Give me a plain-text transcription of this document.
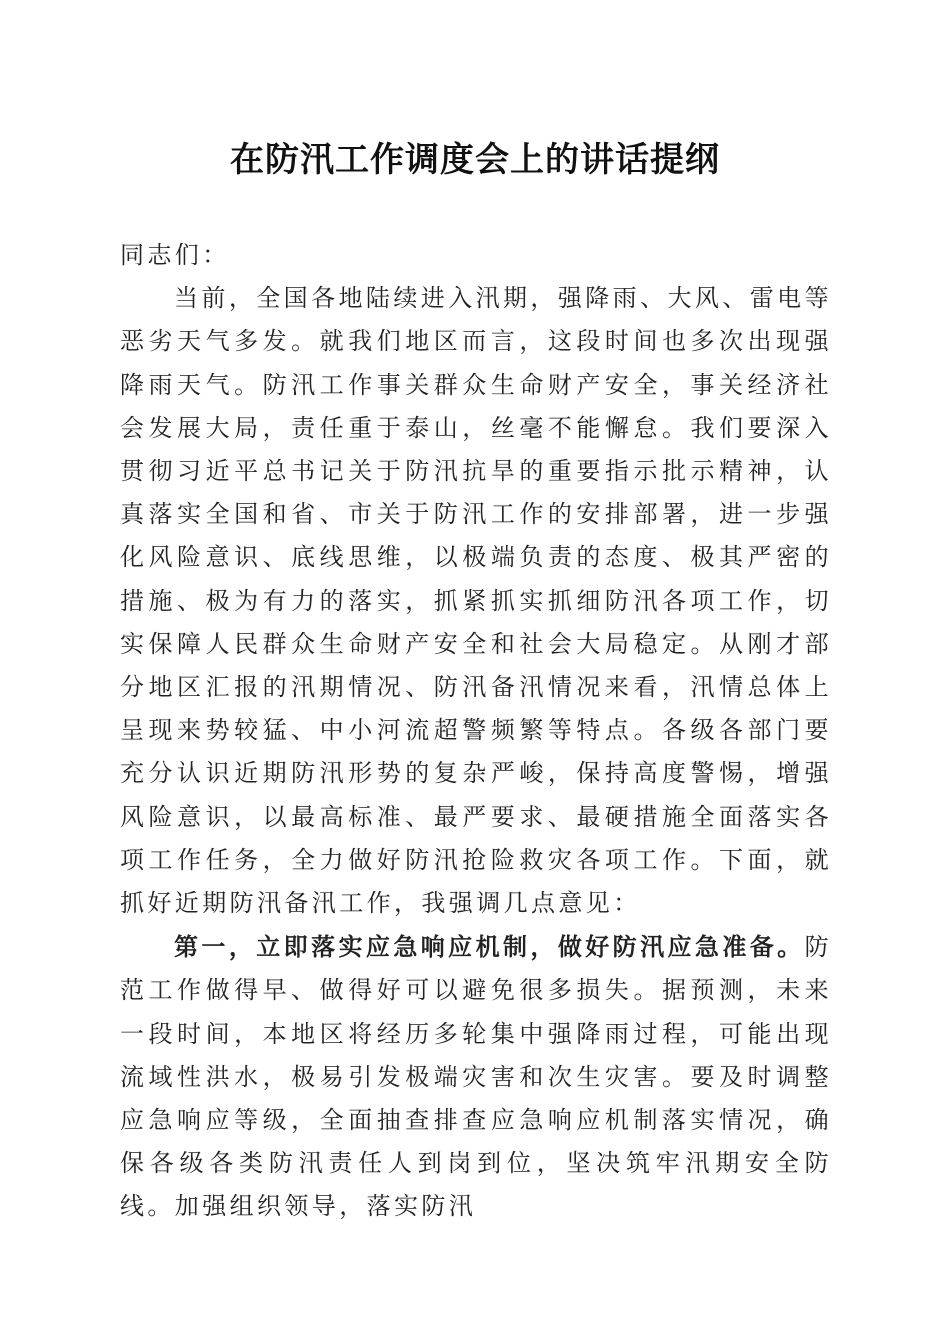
在防汛工作调度会上的讲话提纲

同志们：

当前，全国各地陆续进入汛期，强降雨、大风、雷电等恶劣天气多发。就我们地区而言，这段时间也多次出现强降雨天气。防汛工作事关群众生命财产安全，事关经济社会发展大局，责任重于泰山，丝毫不能懈怠。我们要深入贯彻习近平总书记关于防汛抗旱的重要指示批示精神，认真落实全国和省、市关于防汛工作的安排部署，进一步强化风险意识、底线思维，以极端负责的态度、极其严密的措施、极为有力的落实，抓紧抓实抓细防汛各项工作，切实保障人民群众生命财产安全和社会大局稳定。从刚才部分地区汇报的汛期情况、防汛备汛情况来看，汛情总体上呈现来势较猛、中小河流超警频繁等特点。各级各部门要充分认识近期防汛形势的复杂严峻，保持高度警惕，增强风险意识，以最高标准、最严要求、最硬措施全面落实各项工作任务，全力做好防汛抢险救灾各项工作。下面，就抓好近期防汛备汛工作，我强调几点意见：

第一，立即落实应急响应机制，做好防汛应急准备。防范工作做得早、做得好可以避免很多损失。据预测，未来一段时间，本地区将经历多轮集中强降雨过程，可能出现流域性洪水，极易引发极端灾害和次生灾害。要及时调整应急响应等级，全面抽查排查应急响应机制落实情况，确保各级各类防汛责任人到岗到位，坚决筑牢汛期安全防线。加强组织领导，落实防汛
